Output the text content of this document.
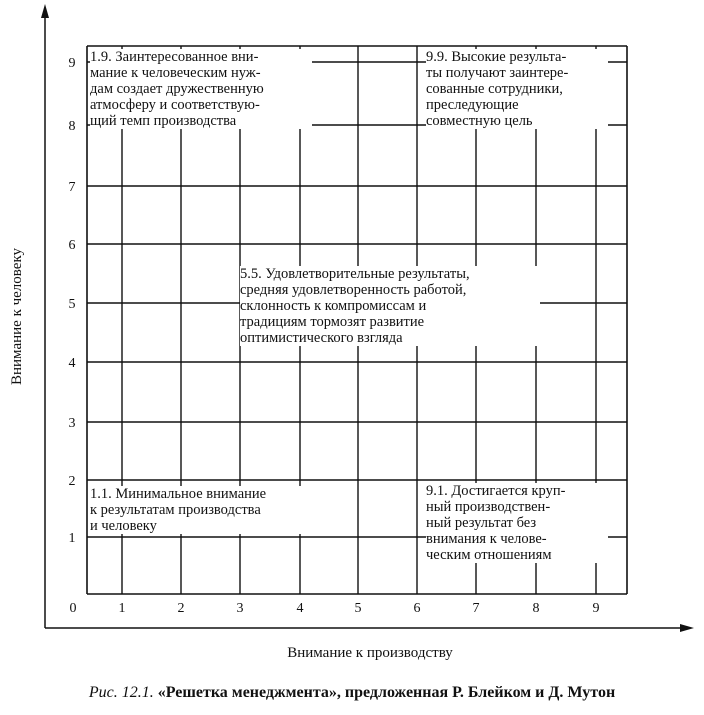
0	1	2	3	4	5	6	7	8	9
1
2
3
4
5
6
7
8
9
Внимание к производству
Внимание к человеку
1.9. Заинтересованное вни-
мание к человеческим нуж-
дам создает дружественную
атмосферу и соответствую-
щий темп производства
9.9. Высокие результа-
ты получают заинтере-
сованные сотрудники,
преследующие
совместную цель
5.5. Удовлетворительные результаты,
средняя удовлетворенность работой,
склонность к компромиссам и
традициям тормозят развитие
оптимистического взгляда
1.1. Минимальное внимание
к результатам производства
и человеку
9.1. Достигается круп-
ный производствен-
ный результат без
внимания к челове-
ческим отношениям
Рис. 12.1. «Решетка менеджмента», предложенная Р. Блейком и Д. Мутон
